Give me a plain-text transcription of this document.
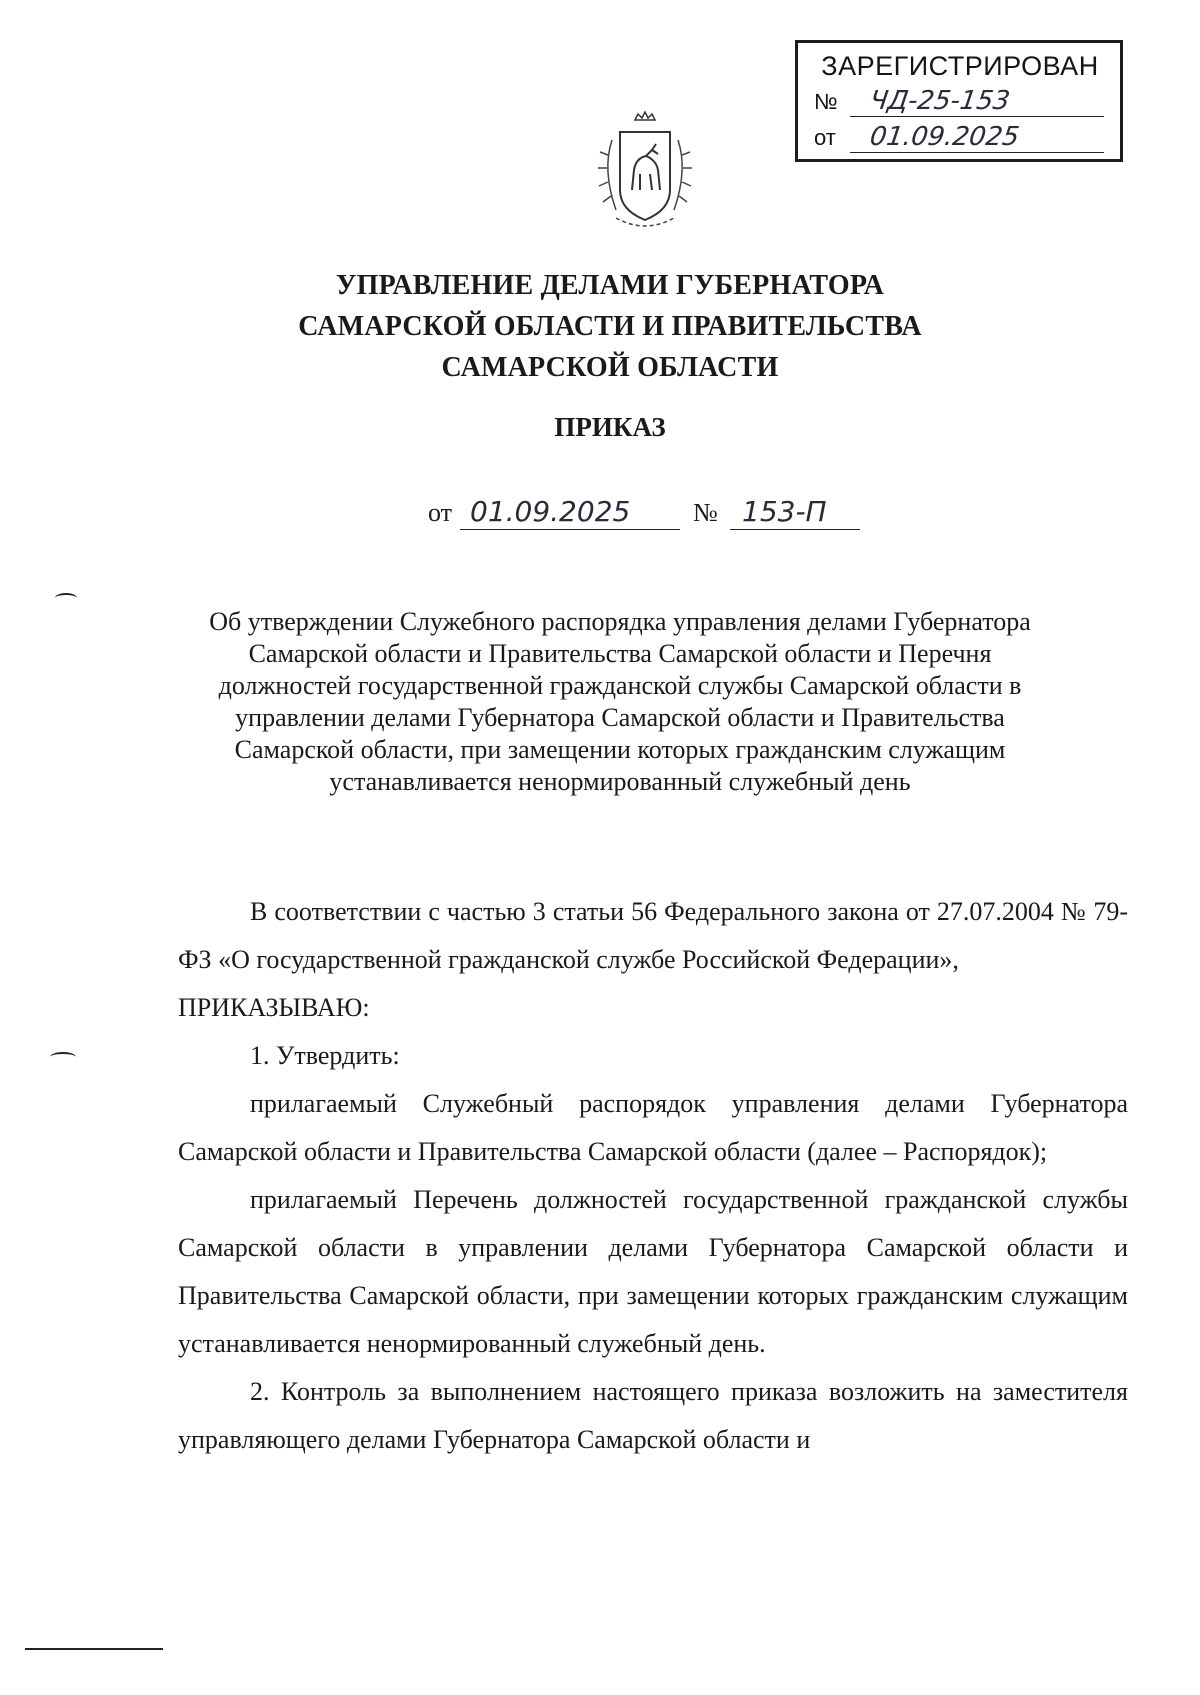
ЗАРЕГИСТРИРОВАН
№	ЧД-25-153
от	01.09.2025
УПРАВЛЕНИЕ ДЕЛАМИ ГУБЕРНАТОРА
САМАРСКОЙ ОБЛАСТИ И ПРАВИТЕЛЬСТВА
САМАРСКОЙ ОБЛАСТИ
ПРИКАЗ
от 01.09.2025	№ 153-П
Об утверждении Служебного распорядка управления делами Губернатора
Самарской области и Правительства Самарской области и Перечня
должностей государственной гражданской службы Самарской области в
управлении делами Губернатора Самарской области и Правительства
Самарской области, при замещении которых гражданским служащим
устанавливается ненормированный служебный день

В соответствии с частью 3 статьи 56 Федерального закона от 27.07.2004 № 79-ФЗ «О государственной гражданской службе Российской Федерации»,

ПРИКАЗЫВАЮ:

1. Утвердить:

прилагаемый Служебный распорядок управления делами Губернатора Самарской области и Правительства Самарской области (далее – Распорядок);

прилагаемый Перечень должностей государственной гражданской службы Самарской области в управлении делами Губернатора Самарской области и Правительства Самарской области, при замещении которых гражданским служащим устанавливается ненормированный служебный день.

2. Контроль за выполнением настоящего приказа возложить на заместителя управляющего делами Губернатора Самарской области и
